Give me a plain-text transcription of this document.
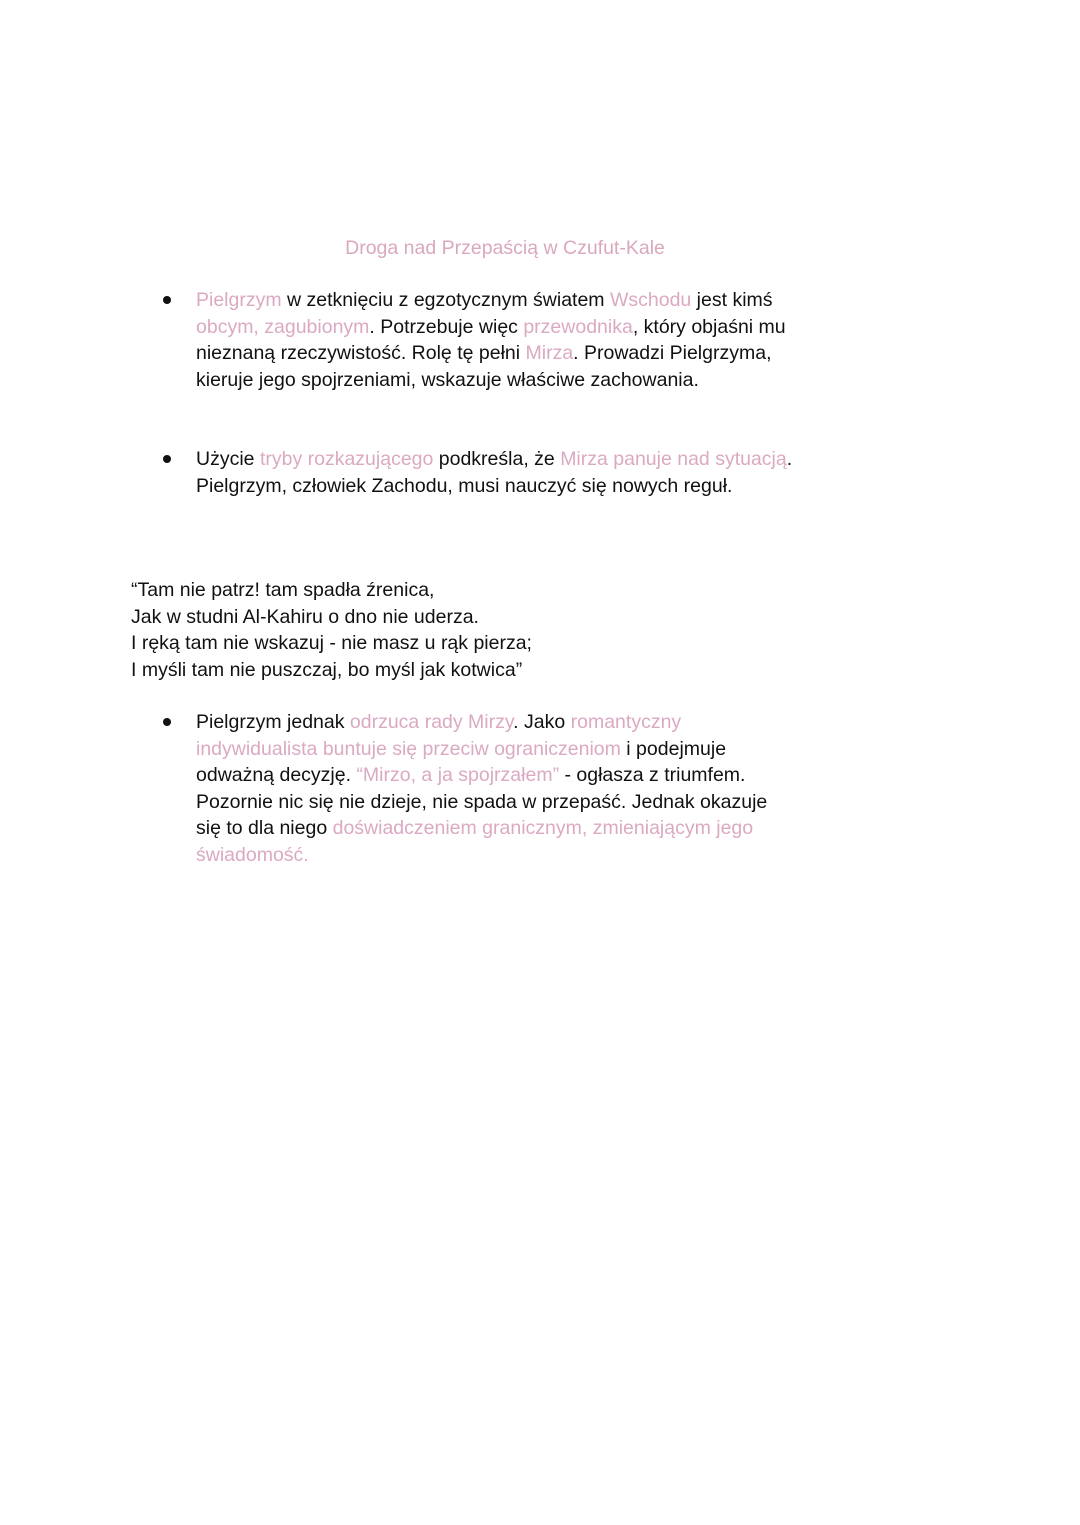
Droga nad Przepaścią w Czufut-Kale
Pielgrzym w zetknięciu z egzotycznym światem Wschodu jest kimś obcym, zagubionym. Potrzebuje więc przewodnika, który objaśni mu nieznaną rzeczywistość. Rolę tę pełni Mirza. Prowadzi Pielgrzyma, kieruje jego spojrzeniami, wskazuje właściwe zachowania.
Użycie tryby rozkazującego podkreśla, że Mirza panuje nad sytuacją. Pielgrzym, człowiek Zachodu, musi nauczyć się nowych reguł.
“Tam nie patrz! tam spadła źrenica,
Jak w studni Al-Kahiru o dno nie uderza.
I ręką tam nie wskazuj - nie masz u rąk pierza;
I myśli tam nie puszczaj, bo myśl jak kotwica”
Pielgrzym jednak odrzuca rady Mirzy. Jako romantyczny indywidualista buntuje się przeciw ograniczeniom i podejmuje odważną decyzję. “Mirzo, a ja spojrzałem” - ogłasza z triumfem. Pozornie nic się nie dzieje, nie spada w przepaść. Jednak okazuje się to dla niego doświadczeniem granicznym, zmieniającym jego świadomość.
